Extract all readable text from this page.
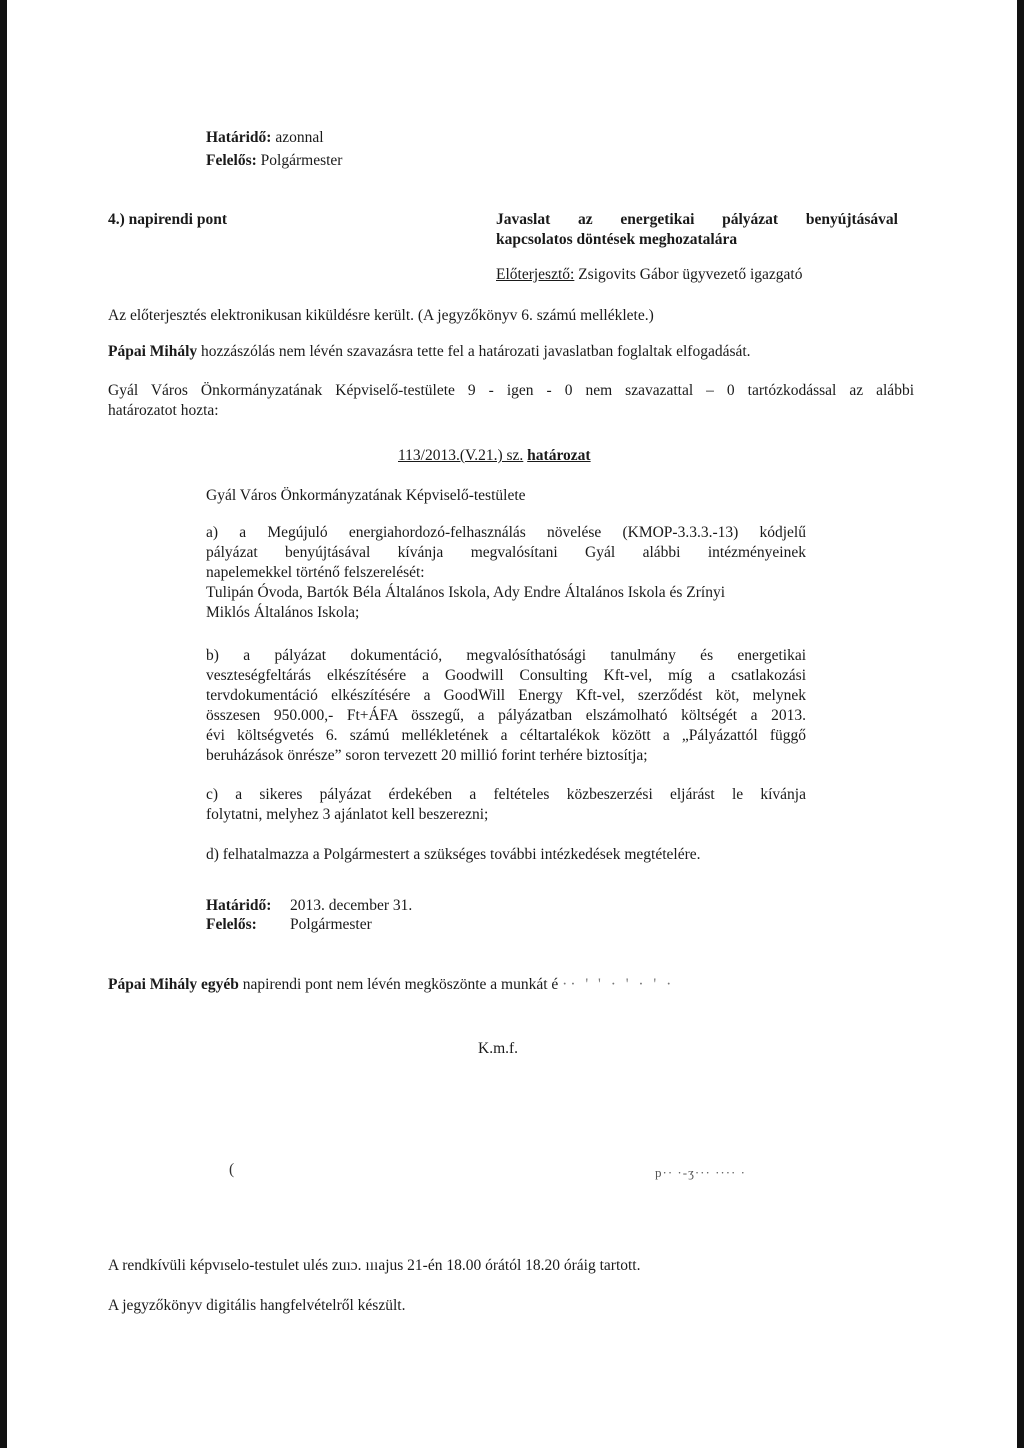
Határidő: azonnal
Felelős: Polgármester
4.) napirendi pont	Javaslat az energetikai pályázat benyújtásával

kapcsolatos döntések meghozatalára

Előterjesztő: Zsigovits Gábor ügyvezető igazgató
Az előterjesztés elektronikusan kiküldésre került. (A jegyzőkönyv 6. számú melléklete.)
Pápai Mihály hozzászólás nem lévén szavazásra tette fel a határozati javaslatban foglaltak elfogadását.

Gyál Város Önkormányzatának Képviselő-testülete 9 - igen - 0 nem szavazattal – 0 tartózkodással az alábbi

határozatot hozta:

113/2013.(V.21.) sz. határozat
Gyál Város Önkormányzatának Képviselő-testülete

a) a Megújuló energiahordozó-felhasználás növelése (KMOP-3.3.3.-13) kódjelű

pályázat benyújtásával kívánja megvalósítani Gyál alábbi intézményeinek

napelemekkel történő felszerelését:

Tulipán Óvoda, Bartók Béla Általános Iskola, Ady Endre Általános Iskola és Zrínyi

Miklós Általános Iskola;

b) a pályázat dokumentáció, megvalósíthatósági tanulmány és energetikai

veszteségfeltárás elkészítésére a Goodwill Consulting Kft-vel, míg a csatlakozási

tervdokumentáció elkészítésére a GoodWill Energy Kft-vel, szerződést köt, melynek

összesen 950.000,- Ft+ÁFA összegű, a pályázatban elszámolható költségét a 2013.

évi költségvetés 6. számú mellékletének a céltartalékok között a „Pályázattól függő

beruházások önrésze” soron tervezett 20 millió forint terhére biztosítja;

c) a sikeres pályázat érdekében a feltételes közbeszerzési eljárást le kívánja

folytatni, melyhez 3 ajánlatot kell beszerezni;

d) felhatalmazza a Polgármestert a szükséges további intézkedések megtételére.
Határidő: 2013. december 31.
Felelős: Polgármester
Pápai Mihály egyéb napirendi pont nem lévén megköszönte a munkát é ·· ' ' · ' · ' ·
K.m.f.
(	p·· ·-ʒ··· ···· ·
A rendkívüli képvıselo-testulet ulés zuıɔ. ıııajus 21-én 18.00 órától 18.20 óráig tartott.
A jegyzőkönyv digitális hangfelvételről készült.
